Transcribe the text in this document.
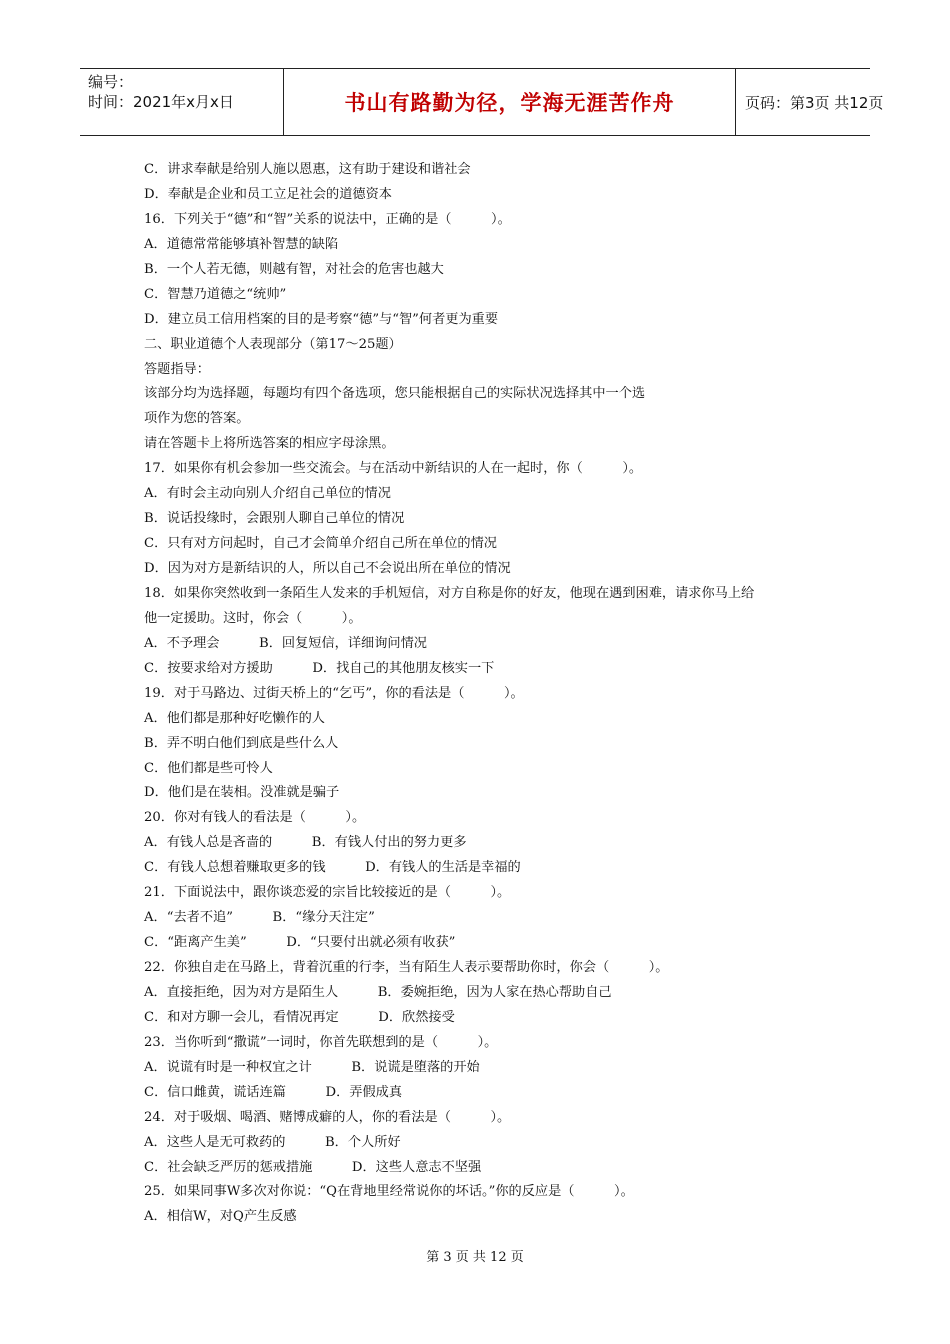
编号：
时间：2021年x月x日	书山有路勤为径，学海无涯苦作舟	页码：第3页 共12页
C．讲求奉献是给别人施以恩惠，这有助于建设和谐社会
D．奉献是企业和员工立足社会的道德资本
16．下列关于“德”和“智”关系的说法中，正确的是（　　　）。
A．道德常常能够填补智慧的缺陷
B．一个人若无德，则越有智，对社会的危害也越大
C．智慧乃道德之“统帅”
D．建立员工信用档案的目的是考察“德”与“智”何者更为重要
二、职业道德个人表现部分（第17～25题）
答题指导：
该部分均为选择题，每题均有四个备选项，您只能根据自己的实际状况选择其中一个选
项作为您的答案。
请在答题卡上将所选答案的相应字母涂黑。
17．如果你有机会参加一些交流会。与在活动中新结识的人在一起时，你（　　　）。
A．有时会主动向别人介绍自己单位的情况
B．说话投缘时，会跟别人聊自己单位的情况
C．只有对方问起时，自己才会简单介绍自己所在单位的情况
D．因为对方是新结识的人，所以自己不会说出所在单位的情况
18．如果你突然收到一条陌生人发来的手机短信，对方自称是你的好友，他现在遇到困难，请求你马上给
他一定援助。这时，你会（　　　）。
A．不予理会　　　B．回复短信，详细询问情况
C．按要求给对方援助　　　D．找自己的其他朋友核实一下
19．对于马路边、过街天桥上的“乞丐”，你的看法是（　　　）。
A．他们都是那种好吃懒作的人
B．弄不明白他们到底是些什么人
C．他们都是些可怜人
D．他们是在装相。没准就是骗子
20．你对有钱人的看法是（　　　）。
A．有钱人总是吝啬的　　　B．有钱人付出的努力更多
C．有钱人总想着赚取更多的钱　　　D．有钱人的生活是幸福的
21．下面说法中，跟你谈恋爱的宗旨比较接近的是（　　　）。
A．“去者不追”　　　B．“缘分天注定”
C．“距离产生美”　　　D．“只要付出就必须有收获”
22．你独自走在马路上，背着沉重的行李，当有陌生人表示要帮助你时，你会（　　　）。
A．直接拒绝，因为对方是陌生人　　　B．委婉拒绝，因为人家在热心帮助自己
C．和对方聊一会儿，看情况再定　　　D．欣然接受
23．当你听到“撒谎”一词时，你首先联想到的是（　　　）。
A．说谎有时是一种权宜之计　　　B．说谎是堕落的开始
C．信口雌黄，谎话连篇　　　D．弄假成真
24．对于吸烟、喝酒、赌博成癖的人，你的看法是（　　　）。
A．这些人是无可救药的　　　B．个人所好
C．社会缺乏严厉的惩戒措施　　　D．这些人意志不坚强
25．如果同事W多次对你说：“Q在背地里经常说你的坏话。”你的反应是（　　　）。
A．相信W，对Q产生反感
第 3 页 共 12 页
